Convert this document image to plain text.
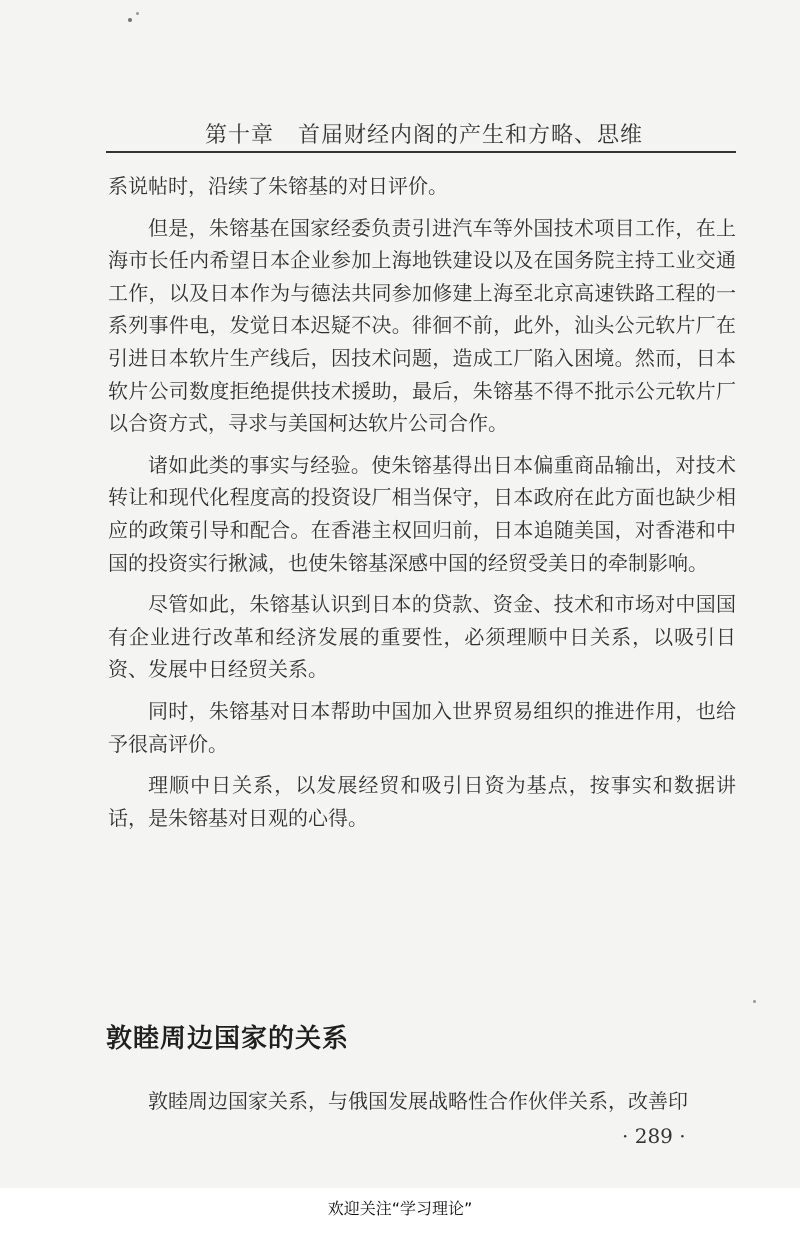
第十章 首届财经内阁的产生和方略、思维

系说帖时，沿续了朱镕基的对日评价。

但是，朱镕基在国家经委负责引进汽车等外国技术项目工作，在上海市长任内希望日本企业参加上海地铁建设以及在国务院主持工业交通工作，以及日本作为与德法共同参加修建上海至北京高速铁路工程的一系列事件电，发觉日本迟疑不决。徘徊不前，此外，汕头公元软片厂在引进日本软片生产线后，因技术问题，造成工厂陷入困境。然而，日本软片公司数度拒绝提供技术援助，最后，朱镕基不得不批示公元软片厂以合资方式，寻求与美国柯达软片公司合作。

诸如此类的事实与经验。使朱镕基得出日本偏重商品输出，对技术转让和现代化程度高的投资设厂相当保守，日本政府在此方面也缺少相应的政策引导和配合。在香港主权回归前，日本追随美国，对香港和中国的投资实行揪減，也使朱镕基深感中国的经贸受美日的牵制影响。

尽管如此，朱镕基认识到日本的贷款、资金、技术和市场对中国国有企业进行改革和经济发展的重要性，必须理顺中日关系，以吸引日资、发展中日经贸关系。

同时，朱镕基对日本帮助中国加入世界贸易组织的推进作用，也给予很高评价。

理顺中日关系，以发展经贸和吸引日资为基点，按事实和数据讲话，是朱镕基对日观的心得。

敦睦周边国家的关系

敦睦周边国家关系，与俄国发展战略性合作伙伴关系，改善印

· 289 ·
欢迎关注“学习理论”
